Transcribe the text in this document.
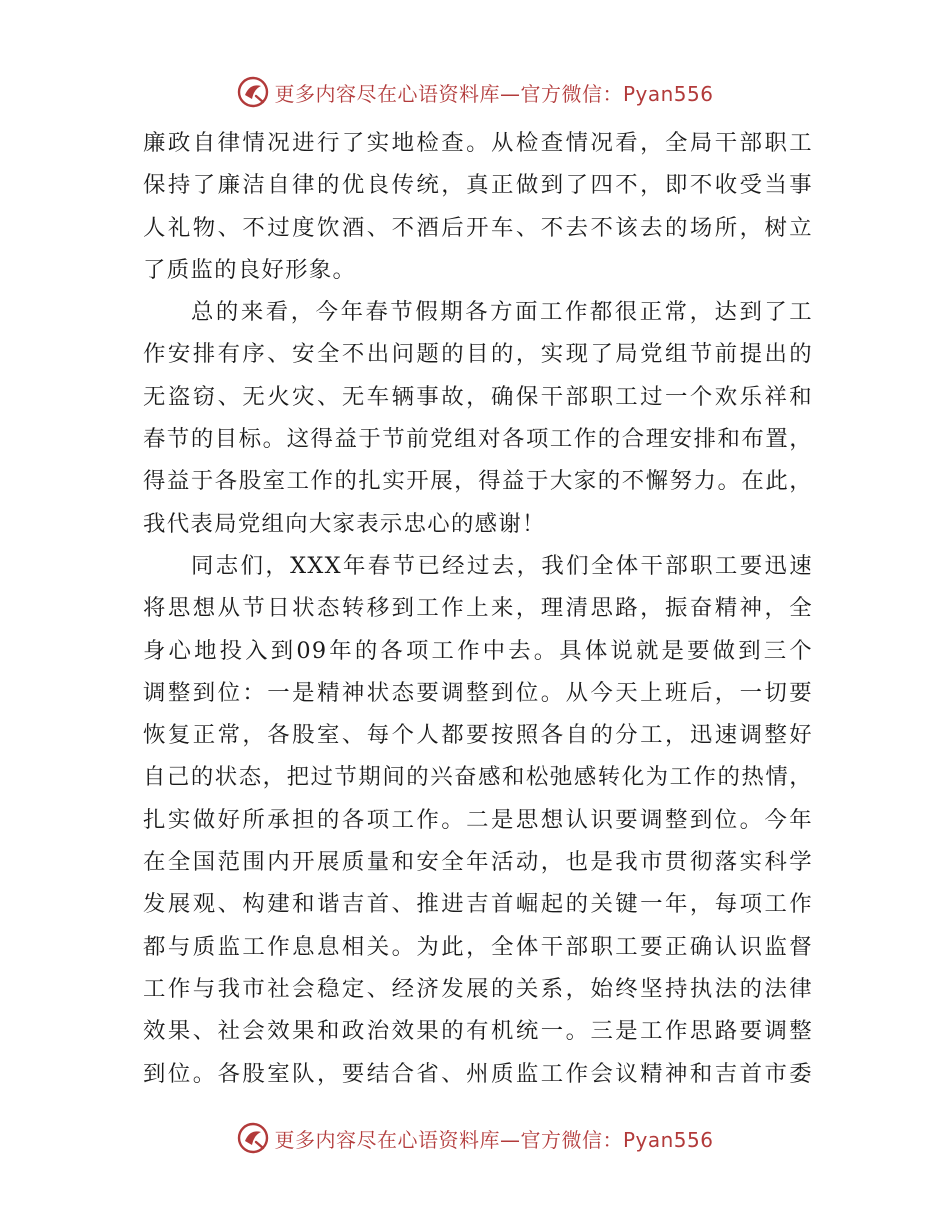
更多内容尽在心语资料库—官方微信：Pyan556
廉政自律情况进行了实地检查。从检查情况看，全局干部职工
保持了廉洁自律的优良传统，真正做到了四不，即不收受当事
人礼物、不过度饮酒、不酒后开车、不去不该去的场所，树立
了质监的良好形象。
总的来看，今年春节假期各方面工作都很正常，达到了工
作安排有序、安全不出问题的目的，实现了局党组节前提出的
无盗窃、无火灾、无车辆事故，确保干部职工过一个欢乐祥和
春节的目标。这得益于节前党组对各项工作的合理安排和布置，
得益于各股室工作的扎实开展，得益于大家的不懈努力。在此，
我代表局党组向大家表示忠心的感谢！
同志们，XXX年春节已经过去，我们全体干部职工要迅速
将思想从节日状态转移到工作上来，理清思路，振奋精神，全
身心地投入到09年的各项工作中去。具体说就是要做到三个
调整到位：一是精神状态要调整到位。从今天上班后，一切要
恢复正常，各股室、每个人都要按照各自的分工，迅速调整好
自己的状态，把过节期间的兴奋感和松弛感转化为工作的热情，
扎实做好所承担的各项工作。二是思想认识要调整到位。今年
在全国范围内开展质量和安全年活动，也是我市贯彻落实科学
发展观、构建和谐吉首、推进吉首崛起的关键一年，每项工作
都与质监工作息息相关。为此，全体干部职工要正确认识监督
工作与我市社会稳定、经济发展的关系，始终坚持执法的法律
效果、社会效果和政治效果的有机统一。三是工作思路要调整
到位。各股室队，要结合省、州质监工作会议精神和吉首市委
更多内容尽在心语资料库—官方微信：Pyan556
